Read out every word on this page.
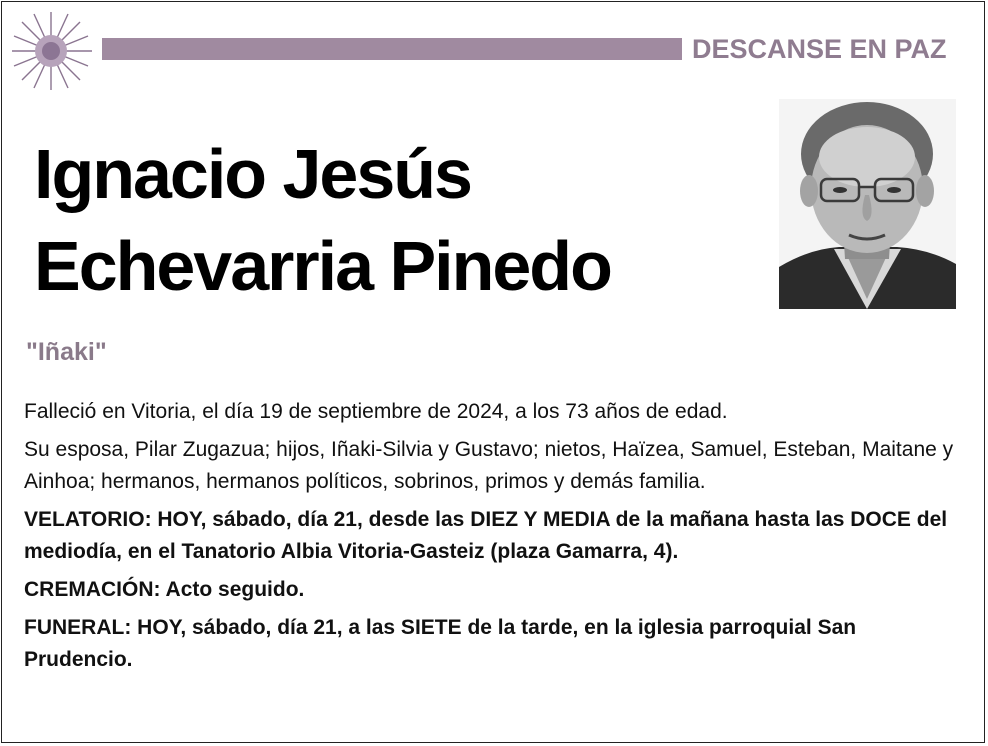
DESCANSE EN PAZ
Ignacio Jesús
Echevarria Pinedo
"Iñaki"

Falleció en Vitoria, el día 19 de septiembre de 2024, a los 73 años de edad.

Su esposa, Pilar Zugazua; hijos, Iñaki-Silvia y Gustavo; nietos, Haïzea, Samuel, Esteban, Maitane y Ainhoa; hermanos, hermanos políticos, sobrinos, primos y demás familia.

VELATORIO: HOY, sábado, día 21, desde las DIEZ Y MEDIA de la mañana hasta las DOCE del mediodía, en el Tanatorio Albia Vitoria-Gasteiz (plaza Gamarra, 4).

CREMACIÓN: Acto seguido.

FUNERAL: HOY, sábado, día 21, a las SIETE de la tarde, en la iglesia parroquial San Prudencio.
